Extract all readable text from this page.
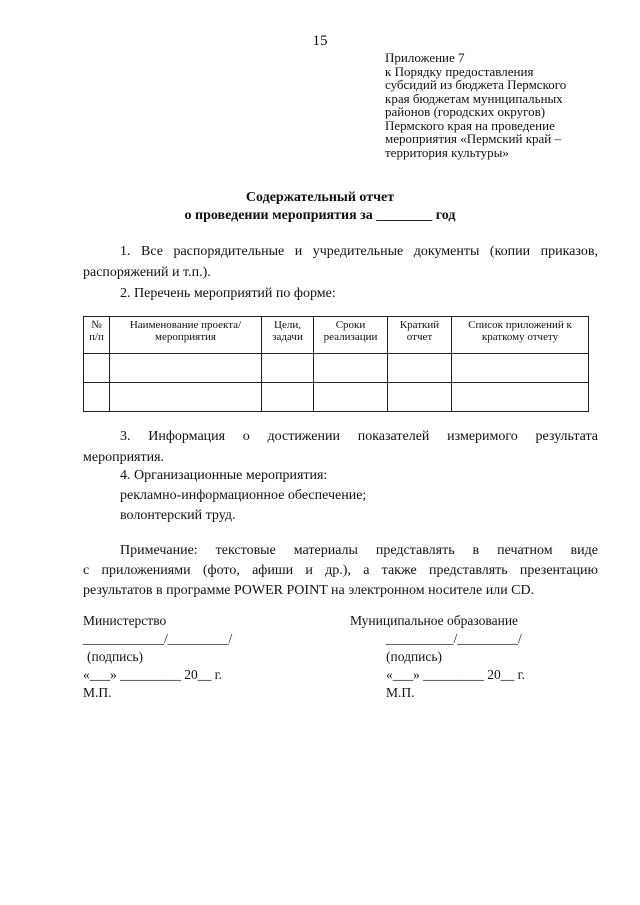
15
Приложение 7
к Порядку предоставления
субсидий из бюджета Пермского
края бюджетам муниципальных
районов (городских округов)
Пермского края на проведение
мероприятия «Пермский край –
территория культуры»
Содержательный отчет
о проведении мероприятия за ________ год
1. Все распорядительные и учредительные документы (копии приказов,
распоряжений и т.п.).
2. Перечень мероприятий по форме:
№ п/п	Наименование проекта/мероприятия	Цели, задачи	Сроки реализации	Краткий отчет	Список приложений к краткому отчету

3. Информация о достижении показателей измеримого результата
мероприятия.
4. Организационные мероприятия:
рекламно-информационное обеспечение;
волонтерский труд.
Примечание: текстовые материалы представлять в печатном виде
с приложениями (фото, афиши и др.), а также представлять презентацию
результатов в программе POWER POINT на электронном носителе или CD.
Министерство
____________/_________/
(подпись)
«___» _________ 20__ г.
М.П.
Муниципальное образование
__________/_________/
(подпись)
«___» _________ 20__ г.
М.П.
